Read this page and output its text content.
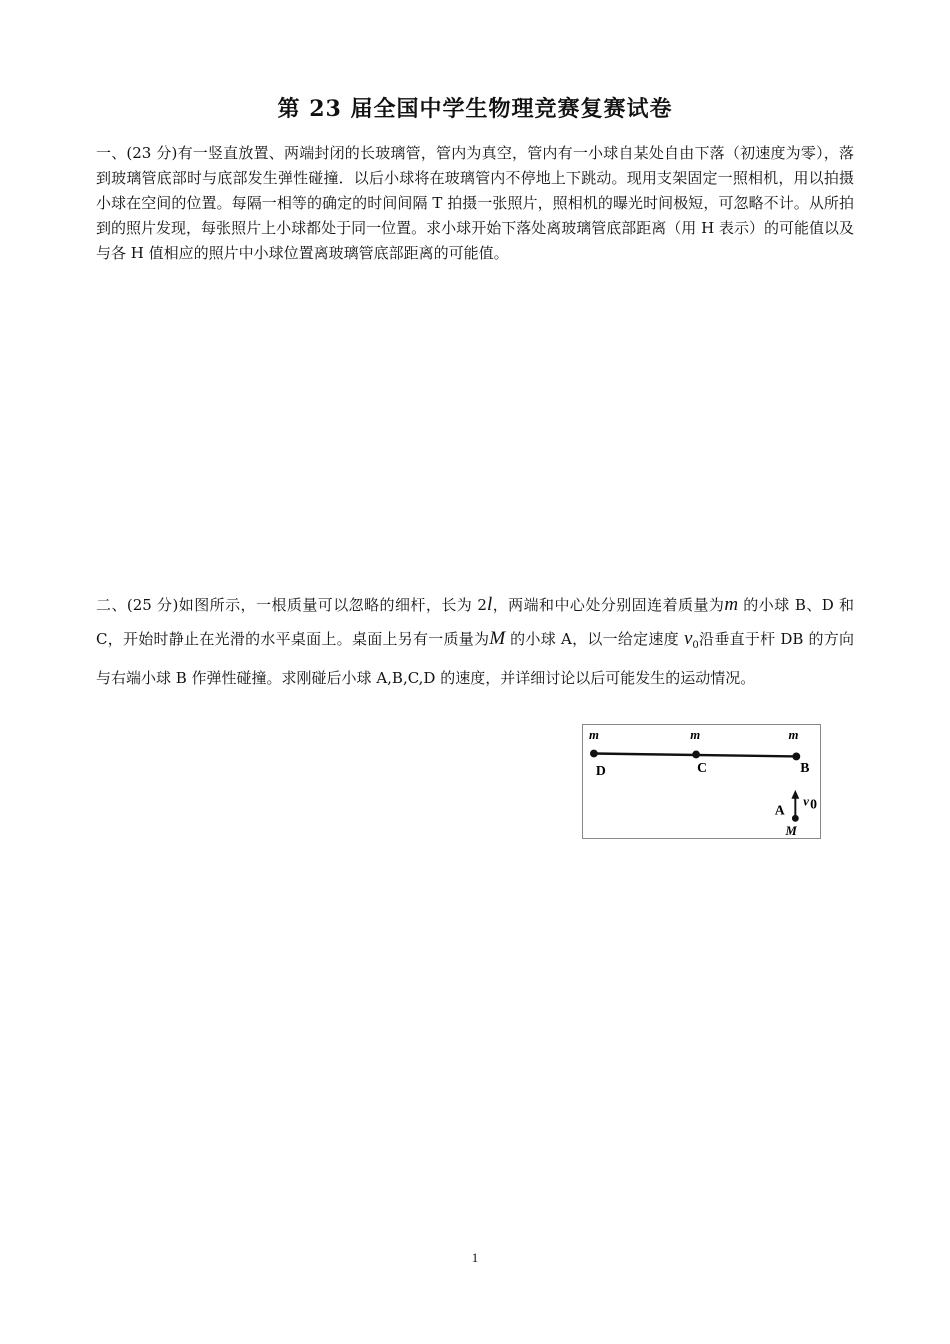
第 23 届全国中学生物理竞赛复赛试卷
一、(23 分)有一竖直放置、两端封闭的长玻璃管，管内为真空，管内有一小球自某处自由下落（初速度为零），落到玻璃管底部时与底部发生弹性碰撞．以后小球将在玻璃管内不停地上下跳动。现用支架固定一照相机，用以拍摄小球在空间的位置。每隔一相等的确定的时间间隔 T 拍摄一张照片，照相机的曝光时间极短，可忽略不计。从所拍到的照片发现，每张照片上小球都处于同一位置。求小球开始下落处离玻璃管底部距离（用 H 表示）的可能值以及与各 H 值相应的照片中小球位置离玻璃管底部距离的可能值。
二、(25 分)如图所示，一根质量可以忽略的细杆，长为 2l，两端和中心处分别固连着质量为m 的小球 B、D 和 C，开始时静止在光滑的水平桌面上。桌面上另有一质量为M 的小球 A，以一给定速度 $v_0$沿垂直于杆 DB 的方向与右端小球 B 作弹性碰撞。求刚碰后小球 A,B,C,D 的速度，并详细讨论以后可能发生的运动情况。
m	m	m
D	C	B
A
v 0
M
1
